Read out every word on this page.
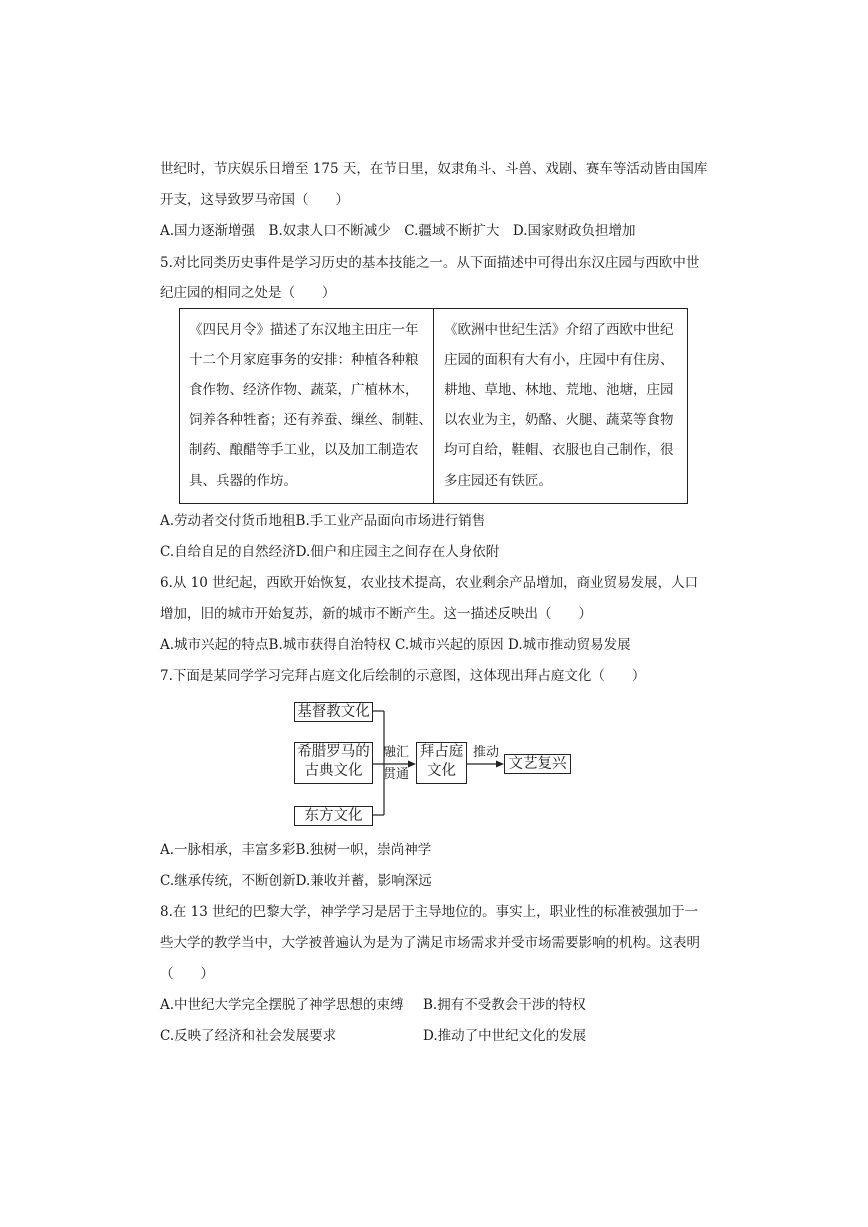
世纪时，节庆娱乐日增至 175 天，在节日里，奴隶角斗、斗兽、戏剧、赛车等活动皆由国库
开支，这导致罗马帝国（　　）
A.国力逐渐增强　B.奴隶人口不断减少　C.疆域不断扩大　D.国家财政负担增加
5.对比同类历史事件是学习历史的基本技能之一。从下面描述中可得出东汉庄园与西欧中世
纪庄园的相同之处是（　　）
《四民月令》描述了东汉地主田庄一年
十二个月家庭事务的安排：种植各种粮
食作物、经济作物、蔬菜，广植林木，
饲养各种牲畜；还有养蚕、缫丝、制鞋、
制药、酿醋等手工业，以及加工制造农
具、兵器的作坊。
《欧洲中世纪生活》介绍了西欧中世纪
庄园的面积有大有小，庄园中有住房、
耕地、草地、林地、荒地、池塘，庄园
以农业为主，奶酪、火腿、蔬菜等食物
均可自给，鞋帽、衣服也自己制作，很
多庄园还有铁匠。
A.劳动者交付货币地租B.手工业产品面向市场进行销售
C.自给自足的自然经济D.佃户和庄园主之间存在人身依附
6.从 10 世纪起，西欧开始恢复，农业技术提高，农业剩余产品增加，商业贸易发展，人口
增加，旧的城市开始复苏，新的城市不断产生。这一描述反映出（　　）
A.城市兴起的特点B.城市获得自治特权 C.城市兴起的原因 D.城市推动贸易发展
7.下面是某同学学习完拜占庭文化后绘制的示意图，这体现出拜占庭文化（　　）
基督教文化
希腊罗马的
古典文化
东方文化
融汇
贯通
拜占庭
文化
推动
文艺复兴
A.一脉相承，丰富多彩B.独树一帜，崇尚神学
C.继承传统，不断创新D.兼收并蓄，影响深远
8.在 13 世纪的巴黎大学，神学学习是居于主导地位的。事实上，职业性的标准被强加于一
些大学的教学当中，大学被普遍认为是为了满足市场需求并受市场需要影响的机构。这表明
（　　）
A.中世纪大学完全摆脱了神学思想的束缚 B.拥有不受教会干涉的特权
C.反映了经济和社会发展要求	D.推动了中世纪文化的发展
